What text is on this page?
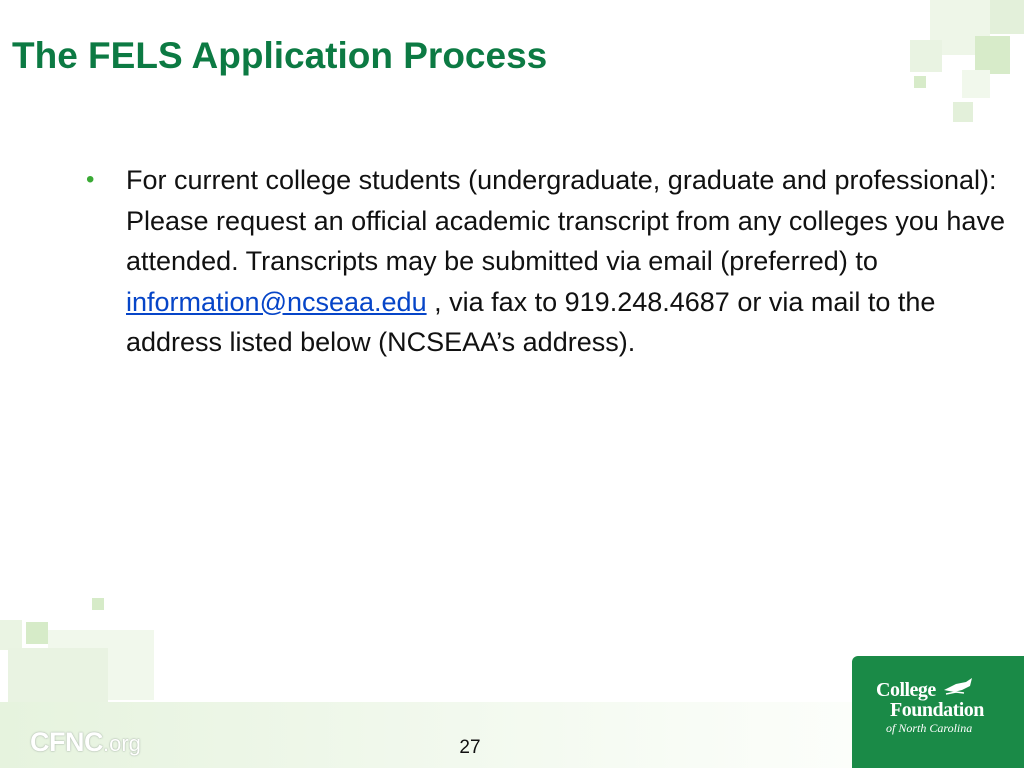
The FELS Application Process
• For current college students (undergraduate, graduate and professional): Please request an official academic transcript from any colleges you have attended. Transcripts may be submitted via email (preferred) to information@ncseaa.edu , via fax to 919.248.4687 or via mail to the address listed below (NCSEAA’s address).
CFNC.org	27
College
Foundation
of North Carolina
